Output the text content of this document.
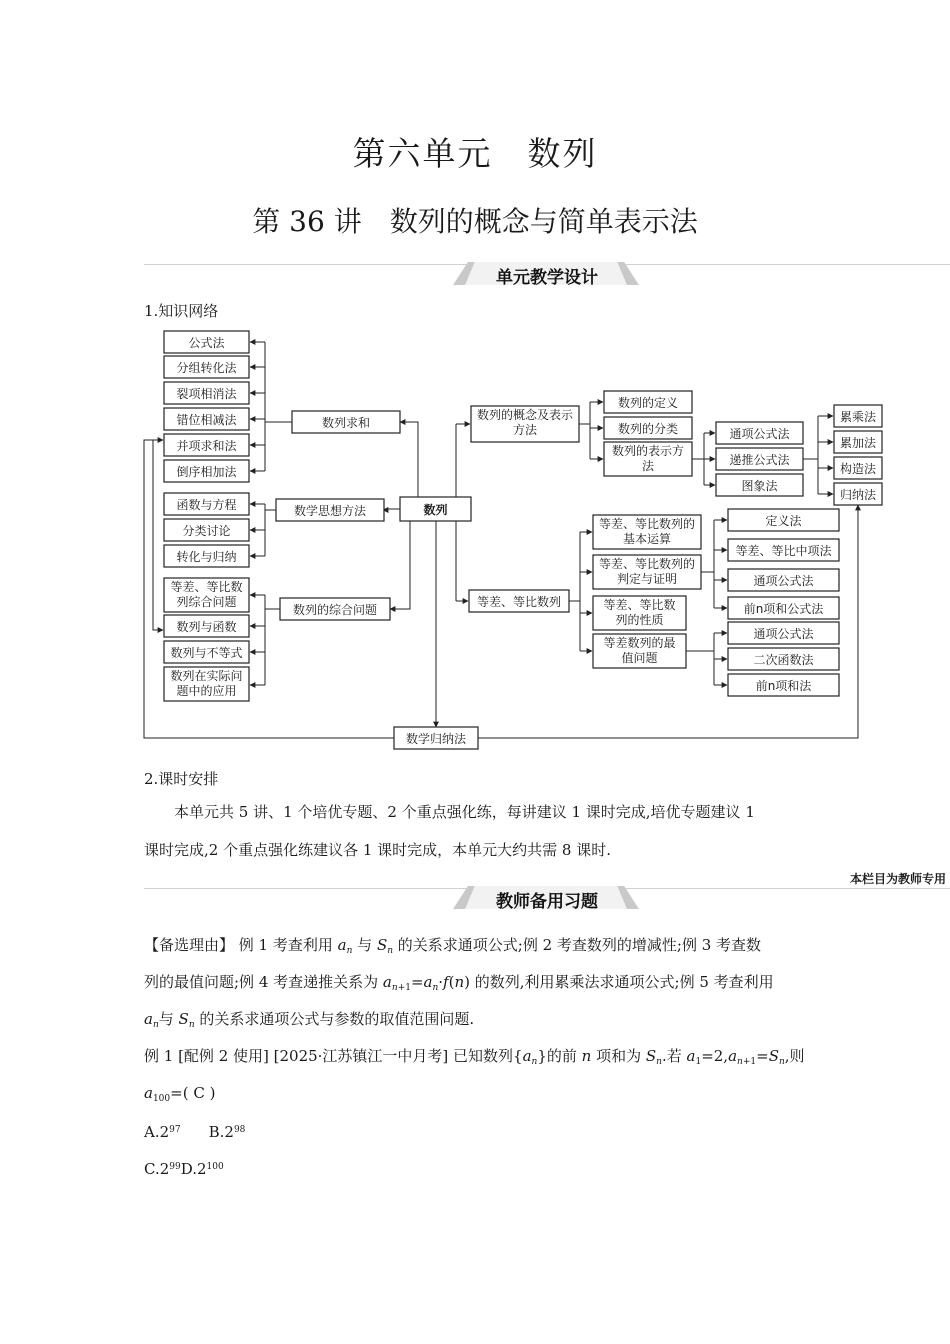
第六单元　数列
第 36 讲　数列的概念与简单表示法
单元教学设计
1.知识网络
公式法
分组转化法
裂项相消法
错位相减法
并项求和法
倒序相加法
数列求和
函数与方程
分类讨论
转化与归纳
数学思想方法	数列
等差、等比数列综合问题
数列与函数
数列与不等式
数列在实际问题中的应用
数列的综合问题
数列的概念及表示方法
数列的定义
数列的分类
数列的表示方法
通项公式法
递推公式法
图象法
累乘法
累加法
构造法
归纳法
等差、等比数列
等差、等比数列的基本运算
等差、等比数列的判定与证明
等差、等比数列的性质
等差数列的最值问题
定义法
等差、等比中项法
通项公式法
前n项和公式法
通项公式法
二次函数法
前n项和法
数学归纳法
2.课时安排
本单元共 5 讲、1 个培优专题、2 个重点强化练，每讲建议 1 课时完成,培优专题建议 1
课时完成,2 个重点强化练建议各 1 课时完成，本单元大约共需 8 课时.
本栏目为教师专用
教师备用习题
【备选理由】 例 1 考查利用 $a_n$ 与 $S_n$ 的关系求通项公式;例 2 考查数列的增减性;例 3 考查数
列的最值问题;例 4 考查递推关系为 $a_{n+1}=a_n\cdot f(n)$ 的数列,利用累乘法求通项公式;例 5 考查利用
$a_n$与 $S_n$ 的关系求通项公式与参数的取值范围问题.
例 1 [配例 2 使用] [2025·江苏镇江一中月考] 已知数列$\{a_n\}$的前 n 项和为 $S_n$.若 $a_1=2,a_{n+1}=S_n$,则
$a_{100}=$( C )
$A.2^{97}$ $B.2^{98}$
$C.2^{99}D.2^{100}$
